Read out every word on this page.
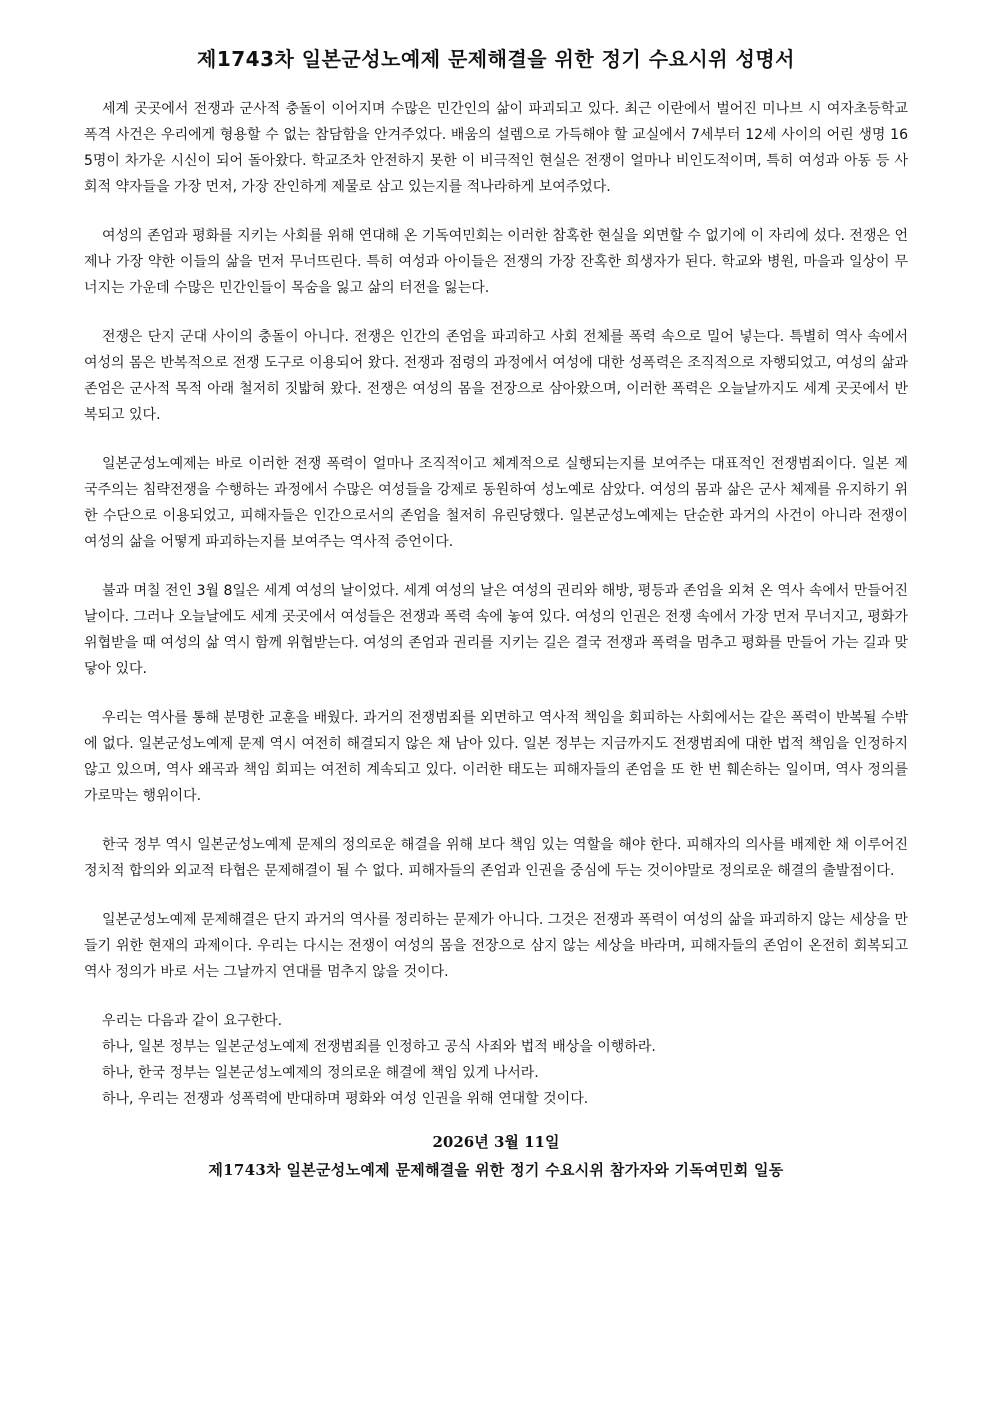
제1743차 일본군성노예제 문제해결을 위한 정기 수요시위 성명서

세계 곳곳에서 전쟁과 군사적 충돌이 이어지며 수많은 민간인의 삶이 파괴되고 있다. 최근 이란에서 벌어진 미나브 시 여자초등학교 폭격 사건은 우리에게 형용할 수 없는 참담함을 안겨주었다. 배움의 설렘으로 가득해야 할 교실에서 7세부터 12세 사이의 어린 생명 165명이 차가운 시신이 되어 돌아왔다. 학교조차 안전하지 못한 이 비극적인 현실은 전쟁이 얼마나 비인도적이며, 특히 여성과 아동 등 사회적 약자들을 가장 먼저, 가장 잔인하게 제물로 삼고 있는지를 적나라하게 보여주었다.

여성의 존엄과 평화를 지키는 사회를 위해 연대해 온 기독여민회는 이러한 참혹한 현실을 외면할 수 없기에 이 자리에 섰다. 전쟁은 언제나 가장 약한 이들의 삶을 먼저 무너뜨린다. 특히 여성과 아이들은 전쟁의 가장 잔혹한 희생자가 된다. 학교와 병원, 마을과 일상이 무너지는 가운데 수많은 민간인들이 목숨을 잃고 삶의 터전을 잃는다.

전쟁은 단지 군대 사이의 충돌이 아니다. 전쟁은 인간의 존엄을 파괴하고 사회 전체를 폭력 속으로 밀어 넣는다. 특별히 역사 속에서 여성의 몸은 반복적으로 전쟁 도구로 이용되어 왔다. 전쟁과 점령의 과정에서 여성에 대한 성폭력은 조직적으로 자행되었고, 여성의 삶과 존엄은 군사적 목적 아래 철저히 짓밟혀 왔다. 전쟁은 여성의 몸을 전장으로 삼아왔으며, 이러한 폭력은 오늘날까지도 세계 곳곳에서 반복되고 있다.

일본군성노예제는 바로 이러한 전쟁 폭력이 얼마나 조직적이고 체계적으로 실행되는지를 보여주는 대표적인 전쟁범죄이다. 일본 제국주의는 침략전쟁을 수행하는 과정에서 수많은 여성들을 강제로 동원하여 성노예로 삼았다. 여성의 몸과 삶은 군사 체제를 유지하기 위한 수단으로 이용되었고, 피해자들은 인간으로서의 존엄을 철저히 유린당했다. 일본군성노예제는 단순한 과거의 사건이 아니라 전쟁이 여성의 삶을 어떻게 파괴하는지를 보여주는 역사적 증언이다.

불과 며칠 전인 3월 8일은 세계 여성의 날이었다. 세계 여성의 날은 여성의 권리와 해방, 평등과 존엄을 외쳐 온 역사 속에서 만들어진 날이다. 그러나 오늘날에도 세계 곳곳에서 여성들은 전쟁과 폭력 속에 놓여 있다. 여성의 인권은 전쟁 속에서 가장 먼저 무너지고, 평화가 위협받을 때 여성의 삶 역시 함께 위협받는다. 여성의 존엄과 권리를 지키는 길은 결국 전쟁과 폭력을 멈추고 평화를 만들어 가는 길과 맞닿아 있다.

우리는 역사를 통해 분명한 교훈을 배웠다. 과거의 전쟁범죄를 외면하고 역사적 책임을 회피하는 사회에서는 같은 폭력이 반복될 수밖에 없다. 일본군성노예제 문제 역시 여전히 해결되지 않은 채 남아 있다. 일본 정부는 지금까지도 전쟁범죄에 대한 법적 책임을 인정하지 않고 있으며, 역사 왜곡과 책임 회피는 여전히 계속되고 있다. 이러한 태도는 피해자들의 존엄을 또 한 번 훼손하는 일이며, 역사 정의를 가로막는 행위이다.

한국 정부 역시 일본군성노예제 문제의 정의로운 해결을 위해 보다 책임 있는 역할을 해야 한다. 피해자의 의사를 배제한 채 이루어진 정치적 합의와 외교적 타협은 문제해결이 될 수 없다. 피해자들의 존엄과 인권을 중심에 두는 것이야말로 정의로운 해결의 출발점이다.

일본군성노예제 문제해결은 단지 과거의 역사를 정리하는 문제가 아니다. 그것은 전쟁과 폭력이 여성의 삶을 파괴하지 않는 세상을 만들기 위한 현재의 과제이다. 우리는 다시는 전쟁이 여성의 몸을 전장으로 삼지 않는 세상을 바라며, 피해자들의 존엄이 온전히 회복되고 역사 정의가 바로 서는 그날까지 연대를 멈추지 않을 것이다.

우리는 다음과 같이 요구한다.
하나, 일본 정부는 일본군성노예제 전쟁범죄를 인정하고 공식 사죄와 법적 배상을 이행하라.
하나, 한국 정부는 일본군성노예제의 정의로운 해결에 책임 있게 나서라.
하나, 우리는 전쟁과 성폭력에 반대하며 평화와 여성 인권을 위해 연대할 것이다.
2026년 3월 11일
제1743차 일본군성노예제 문제해결을 위한 정기 수요시위 참가자와 기독여민회 일동
